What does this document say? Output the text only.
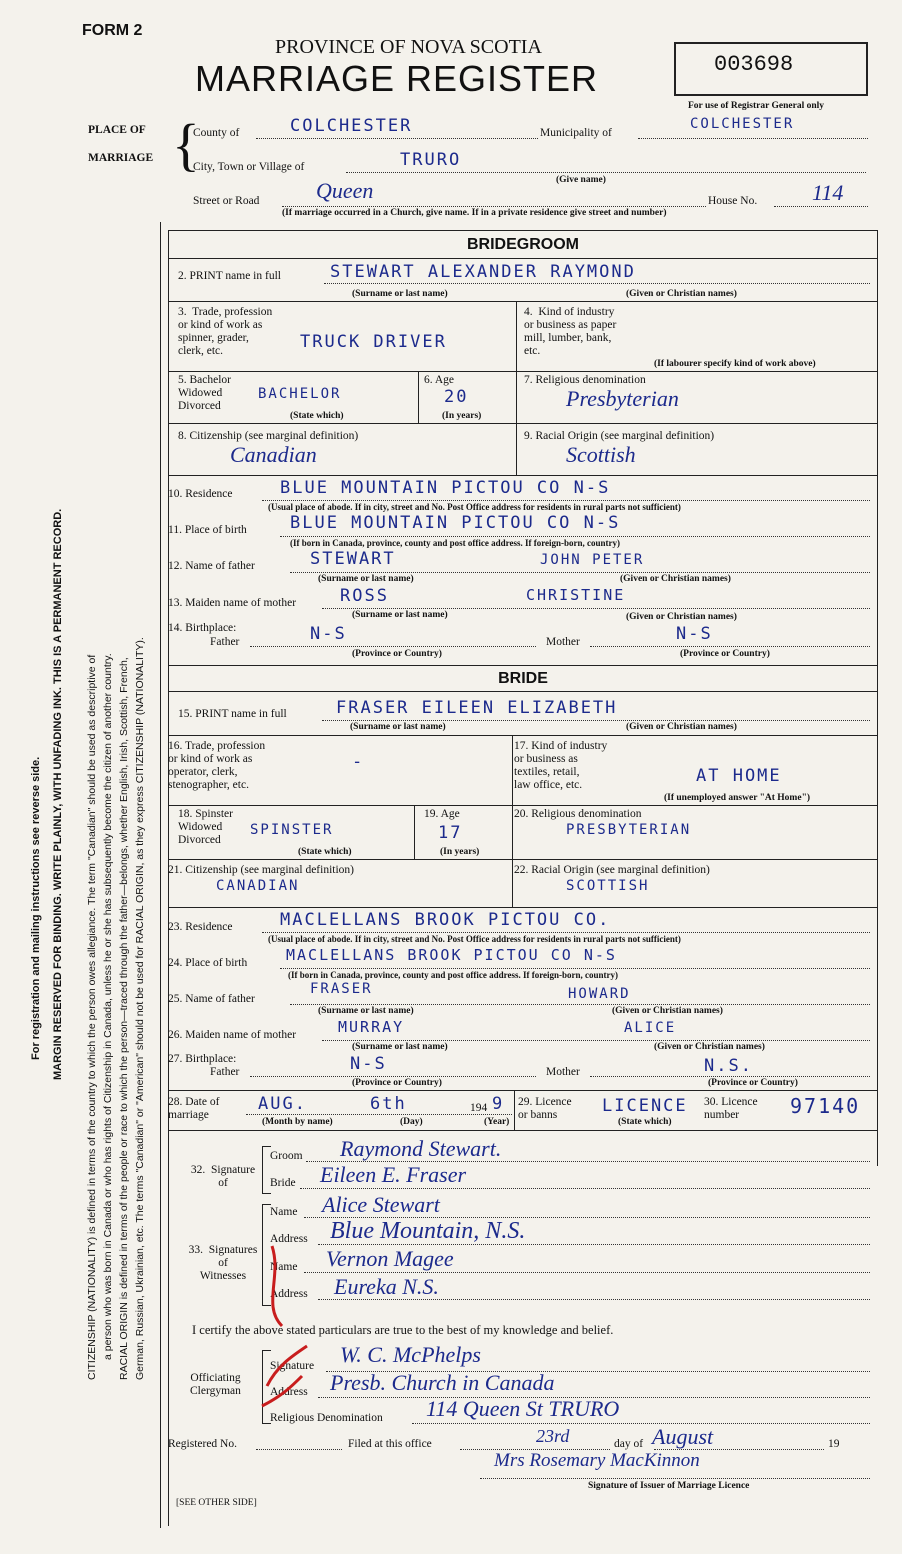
For registration and mailing instructions see reverse side. MARGIN RESERVED FOR BINDING. WRITE PLAINLY, WITH UNFADING INK. THIS IS A PERMANENT RECORD. CITIZENSHIP (NATIONALITY) is defined in terms of the country to which the person owes allegiance. The term "Canadian" should be used as descriptive of a person who was born in Canada or who has rights of Citizenship in Canada, unless he or she has subsequently become the citizen of another country. RACIAL ORIGIN is defined in terms of the people or race to which the person—traced through the father—belongs, whether English, Irish, Scottish, French, German, Russian, Ukrainian, etc. The terms "Canadian" or "American" should not be used for RACIAL ORIGIN, as they express CITIZENSHIP (NATIONALITY).
FORM 2
PROVINCE OF NOVA SCOTIA
MARRIAGE REGISTER	003698
For use of Registrar General only
PLACE OF
MARRIAGE {
County of	COLCHESTER	Municipality of
COLCHESTER
City, Town or Village of	TRURO
(Give name)
Street or Road	Queen	House No. 114
(If marriage occurred in a Church, give name. If in a private residence give street and number)
BRIDEGROOM
2. PRINT name in full	STEWART ALEXANDER RAYMOND
(Surname or last name)	(Given or Christian names)
3.  Trade, profession
or kind of work as
spinner, grader,
clerk, etc.	TRUCK DRIVER
4.  Kind of industry
or business as paper
mill, lumber, bank,
etc.
(If labourer specify kind of work above)
5. Bachelor
Widowed
Divorced
BACHELOR
(State which)
6. Age
20
(In years)
7. Religious denomination
Presbyterian
8. Citizenship (see marginal definition)
Canadian
9. Racial Origin (see marginal definition)
Scottish
10. Residence	BLUE MOUNTAIN PICTOU CO N-S
(Usual place of abode. If in city, street and No. Post Office address for residents in rural parts not sufficient)
11. Place of birth	BLUE MOUNTAIN PICTOU CO N-S
(If born in Canada, province, county and post office address. If foreign-born, country)
12. Name of father	STEWART	JOHN PETER
(Surname or last name)	(Given or Christian names)
13. Maiden name of mother	ROSS	CHRISTINE
(Surname or last name)	(Given or Christian names)
14. Birthplace:
Father	N-S	Mother	N-S
(Province or Country)	(Province or Country)
BRIDE
15. PRINT name in full	FRASER EILEEN ELIZABETH
(Surname or last name)	(Given or Christian names)
16. Trade, profession
or kind of work as
operator, clerk,
stenographer, etc.
-
17. Kind of industry
or business as
textiles, retail,
law office, etc.	AT HOME
(If unemployed answer "At Home")
18. Spinster
Widowed
Divorced
SPINSTER
(State which)
19. Age
17
(In years)
20. Religious denomination
PRESBYTERIAN
21. Citizenship (see marginal definition)
CANADIAN
22. Racial Origin (see marginal definition)
SCOTTISH
23. Residence	MACLELLANS BROOK PICTOU CO.
(Usual place of abode. If in city, street and No. Post Office address for residents in rural parts not sufficient)
24. Place of birth	MACLELLANS BROOK PICTOU CO N-S
(If born in Canada, province, county and post office address. If foreign-born, country)
25. Name of father
FRASER	HOWARD
(Surname or last name)	(Given or Christian names)
26. Maiden name of mother	MURRAY	ALICE
(Surname or last name)	(Given or Christian names)
27. Birthplace:
Father	N-S	Mother	N.S.
(Province or Country)	(Province or Country)
28. Date of
marriage
AUG.	6th	194 9
(Month by name)	(Day)	(Year)
29. Licence
or banns	LICENCE
(State which)
30. Licence
number	97140
32.  Signature
of
Groom Raymond Stewart.
Bride Eileen E. Fraser
33.  Signatures
of
Witnesses
Name Alice Stewart
Address Blue Mountain, N.S.
Name Vernon Magee
Address Eureka N.S.
I certify the above stated particulars are true to the best of my knowledge and belief.
Officiating
Clergyman
Signature W. C. McPhelps
Address Presb. Church in Canada
Religious Denomination 114 Queen St TRURO
Registered No.	Filed at this office	23rd	day of August	19
Mrs Rosemary MacKinnon
Signature of Issuer of Marriage Licence
[SEE OTHER SIDE]
